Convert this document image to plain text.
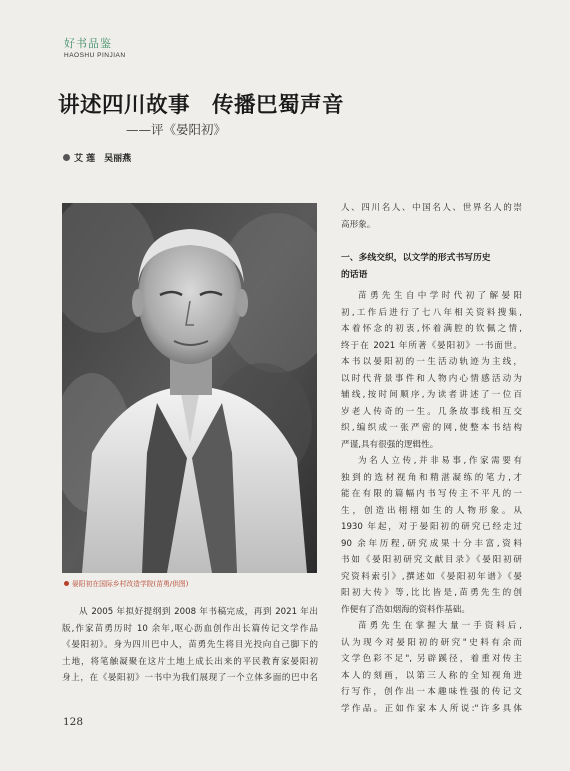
好书品鉴
HAOSHU PINJIAN
讲述四川故事　传播巴蜀声音
——评《晏阳初》
艾 莲　吴丽燕
晏阳初在国际乡村改造学院(苗勇/供图)
从 2005 年拟好提纲到 2008 年书稿完成，再到 2021 年出
版,作家苗勇历时 10 余年,呕心沥血创作出长篇传记文学作品
《晏阳初》。身为四川巴中人，苗勇先生将目光投向自己脚下的
土地，将笔触凝聚在这片土地上成长出来的平民教育家晏阳初
身上，在《晏阳初》一书中为我们展现了一个立体多面的巴中名
人、四川名人、中国名人、世界名人的崇
高形象。
一、多线交织，以文学的形式书写历史
的话语
苗勇先生自中学时代初了解晏阳
初,工作后进行了七八年相关资料搜集,
本着怀念的初衷,怀着满腔的钦佩之情,
终于在 2021 年所著《晏阳初》一书面世。
本书以晏阳初的一生活动轨迹为主线，
以时代背景事件和人物内心情感活动为
辅线,按时间顺序,为读者讲述了一位百
岁老人传奇的一生。几条故事线相互交
织,编织成一张严密的网,使整本书结构
严谨,具有很强的逻辑性。
为名人立传,并非易事,作家需要有
独到的选材视角和精湛凝练的笔力,才
能在有限的篇幅内书写传主不平凡的一
生，创造出栩栩如生的人物形象。从
1930 年起，对于晏阳初的研究已经走过
90 余年历程,研究成果十分丰富,资料
书如《晏阳初研究文献目录》《晏阳初研
究资料索引》,撰述如《晏阳初年谱》《晏
阳初大传》等,比比皆是,苗勇先生的创
作便有了浩如烟海的资料作基础。
苗勇先生在掌握大量一手资料后,
认为现今对晏阳初的研究"史料有余而
文学色彩不足", 另辟蹊径，着重对传主
本人的刻画，以第三人称的全知视角进
行写作，创作出一本趣味性强的传记文
学作品。正如作家本人所说:"许多具体
128
